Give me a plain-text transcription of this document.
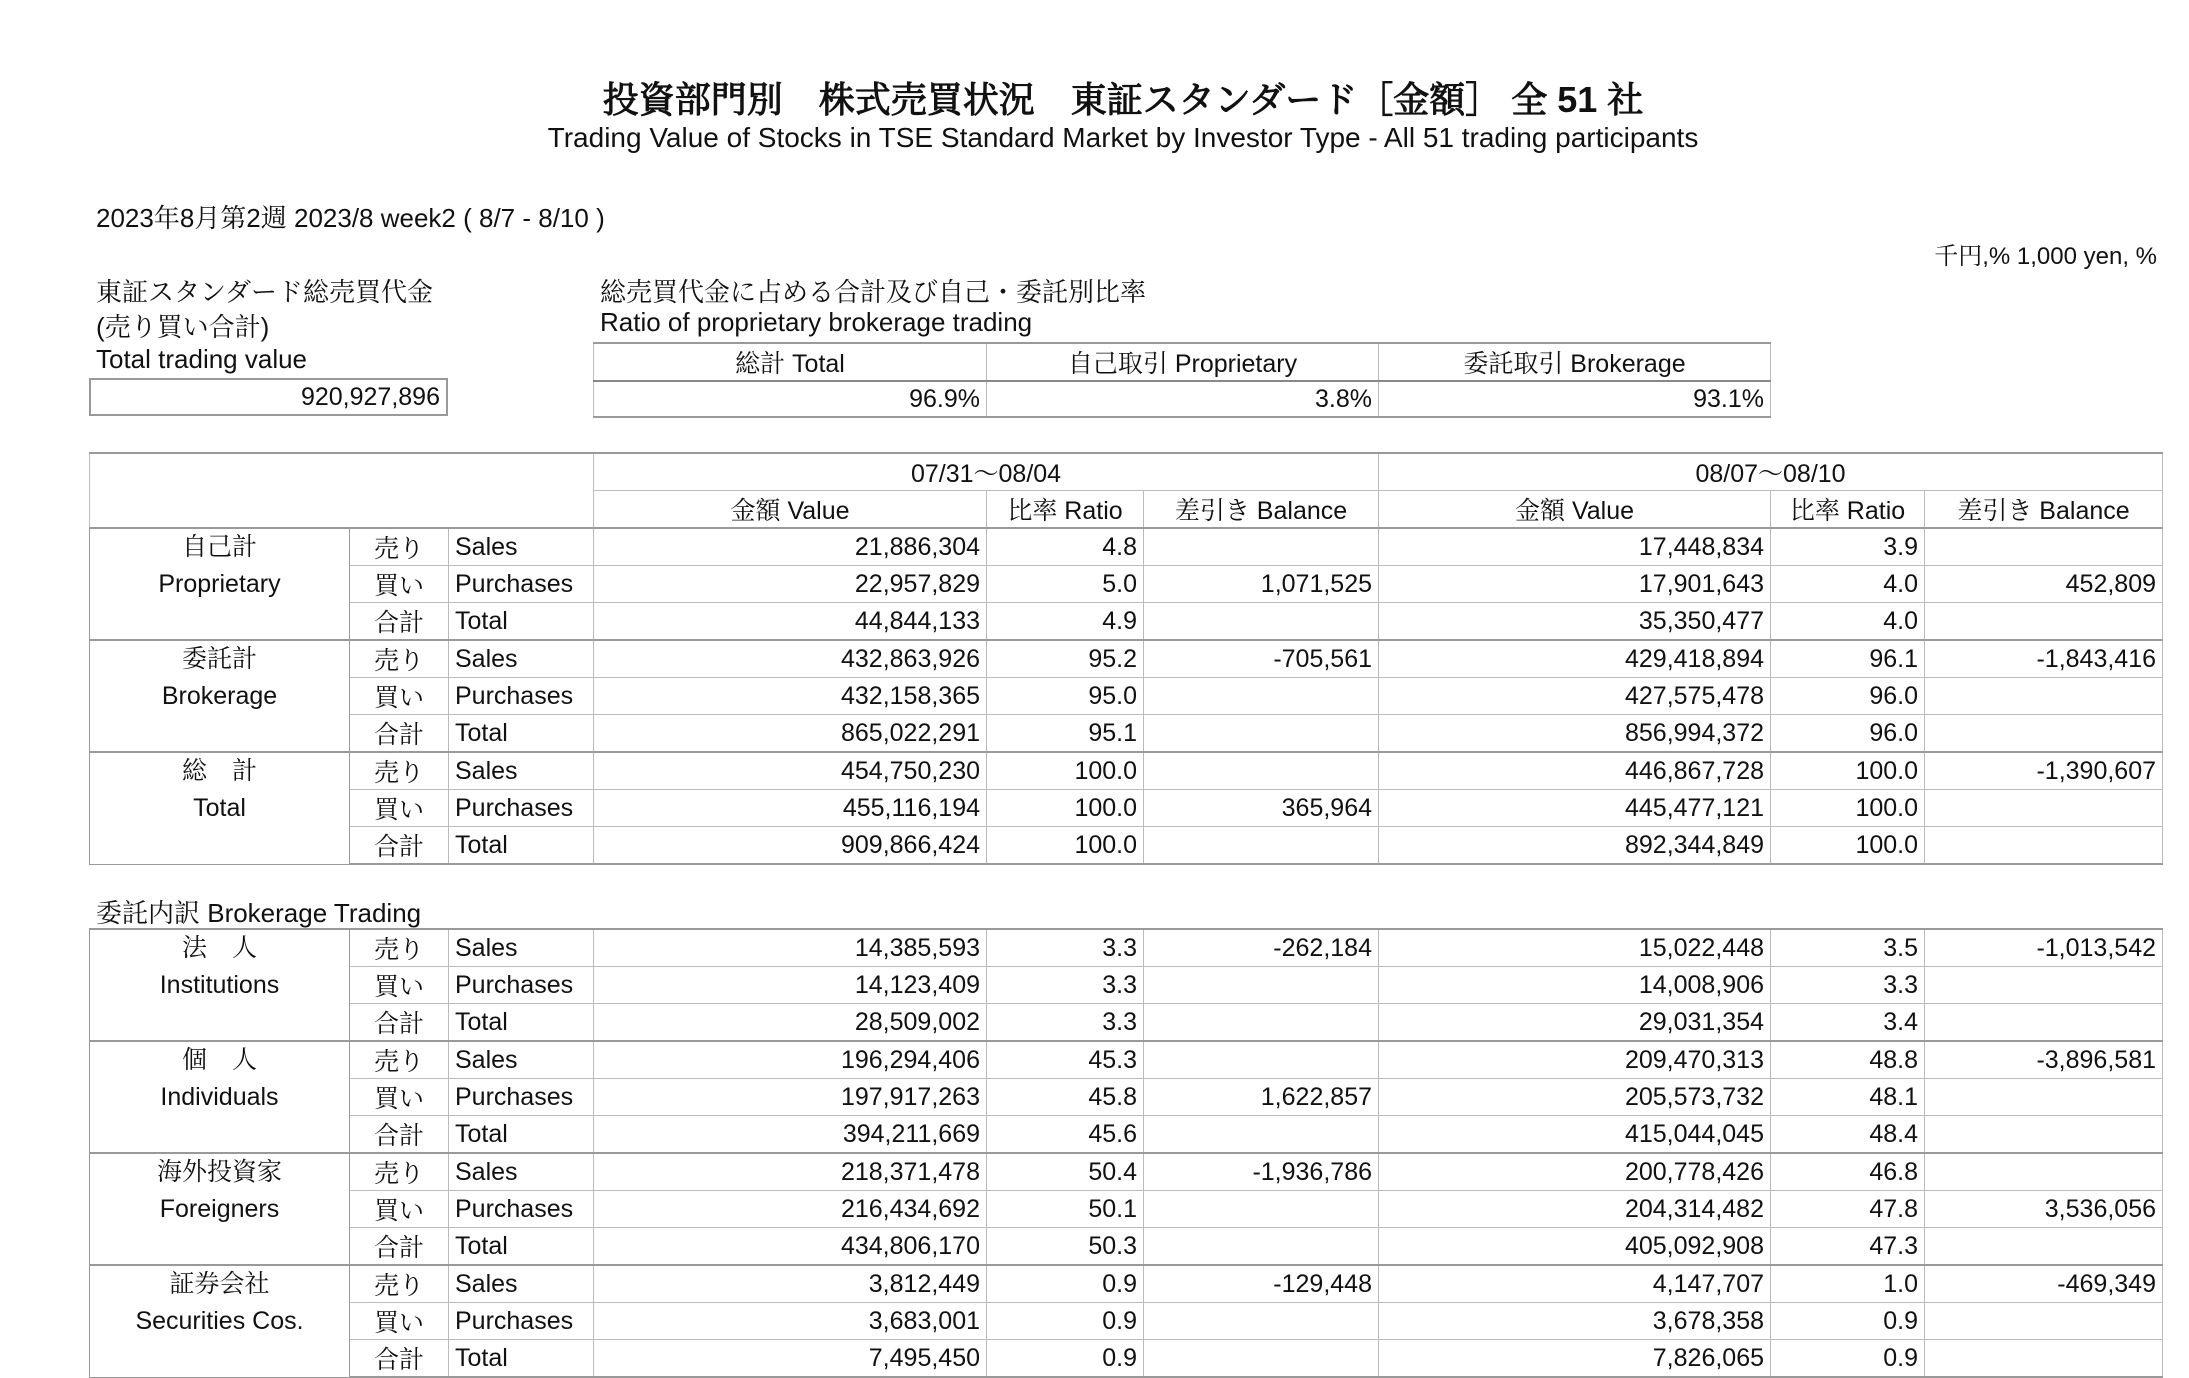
投資部門別　株式売買状況　東証スタンダード［金額］ 全 51 社
Trading Value of Stocks in TSE Standard Market by Investor Type - All 51 trading participants
2023年8月第2週 2023/8 week2 ( 8/7 - 8/10 )
千円,% 1,000 yen, %
東証スタンダード総売買代金
(売り買い合計)
Total trading value
920,927,896
総売買代金に占める合計及び自己・委託別比率
Ratio of proprietary brokerage trading
総計 Total	自己取引 Proprietary	委託取引 Brokerage
96.9%	3.8%	93.1%
			07/31～08/04			08/07～08/10		
			金額 Value	比率 Ratio	差引き Balance	金額 Value	比率 Ratio	差引き Balance

自己計
Proprietary	売り	Sales	21,886,304	4.8		17,448,834	3.9	
	買い	Purchases	22,957,829	5.0	1,071,525	17,901,643	4.0	452,809
	合計	Total	44,844,133	4.9		35,350,477	4.0	

委託計
Brokerage	売り	Sales	432,863,926	95.2	-705,561	429,418,894	96.1	-1,843,416
	買い	Purchases	432,158,365	95.0		427,575,478	96.0	
	合計	Total	865,022,291	95.1		856,994,372	96.0	

総　計
Total	売り	Sales	454,750,230	100.0		446,867,728	100.0	-1,390,607
	買い	Purchases	455,116,194	100.0	365,964	445,477,121	100.0	
	合計	Total	909,866,424	100.0		892,344,849	100.0	
委託内訳 Brokerage Trading
法　人
Institutions	売り	Sales	14,385,593	3.3	-262,184	15,022,448	3.5	-1,013,542
	買い	Purchases	14,123,409	3.3		14,008,906	3.3	
	合計	Total	28,509,002	3.3		29,031,354	3.4	

個　人
Individuals	売り	Sales	196,294,406	45.3		209,470,313	48.8	-3,896,581
	買い	Purchases	197,917,263	45.8	1,622,857	205,573,732	48.1	
	合計	Total	394,211,669	45.6		415,044,045	48.4	

海外投資家
Foreigners	売り	Sales	218,371,478	50.4	-1,936,786	200,778,426	46.8	
	買い	Purchases	216,434,692	50.1		204,314,482	47.8	3,536,056
	合計	Total	434,806,170	50.3		405,092,908	47.3	

証券会社
Securities Cos.	売り	Sales	3,812,449	0.9	-129,448	4,147,707	1.0	-469,349
	買い	Purchases	3,683,001	0.9		3,678,358	0.9	
	合計	Total	7,495,450	0.9		7,826,065	0.9	
